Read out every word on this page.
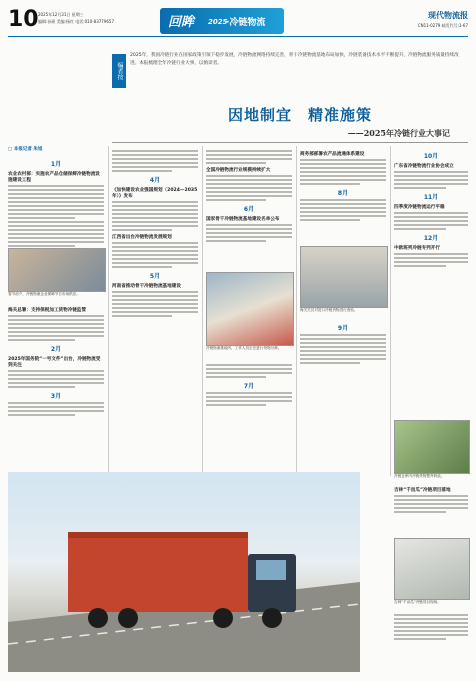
10 2025年12月31日 星期三
编辑:孙硕 美编:杨红 电话:010-83779657	回眸 2025
·冷链物流
现代物流报
CN11-0279 邮发代号:1-67
编者按
2025年，我国冷链行业在国家政策引领下稳步发展，冷链物流网络持续完善，骨干冷链物流基地布局加快，冷链装备技术水平不断提升，冷链物流服务质量持续改进。本报梳理全年冷链行业大事，以飨读者。
因地制宜　精准施策
——2025年冷链行业大事记
□ 本报记者 朱旭
1月
农业农村部：实施农产品仓储保鲜冷链物流设施建设工程
春节前夕，冷链物流企业保障节日市场供应。
海关总署：支持保税加工货物冷链监管
2月
2025年国务院“一号文件”出台，冷链物流受到关注
3月
4月
《加快建设农业强国规划（2024—2035年）》发布
江西省出台冷链物流发展规划
5月
河南省推动骨干冷链物流基地建设
全国冷链物流行业规模持续扩大
6月
国家骨干冷链物流基地建设名单公布
冷链物流基地内，工作人员正在进行货物分拣。
7月
商务部部署农产品流通体系建设
8月
海关关员对进口冷链货物进行查验。
9月
10月
广东省冷链物流行业协会成立
11月
四季度冷链物流运行平稳
12月
中欧班列冷链专列开行
冷链仓库内冷链货物整齐码放。
吉林“千亩瓜”冷链项目落地
吉林“千亩瓜”冷链项目现场。
